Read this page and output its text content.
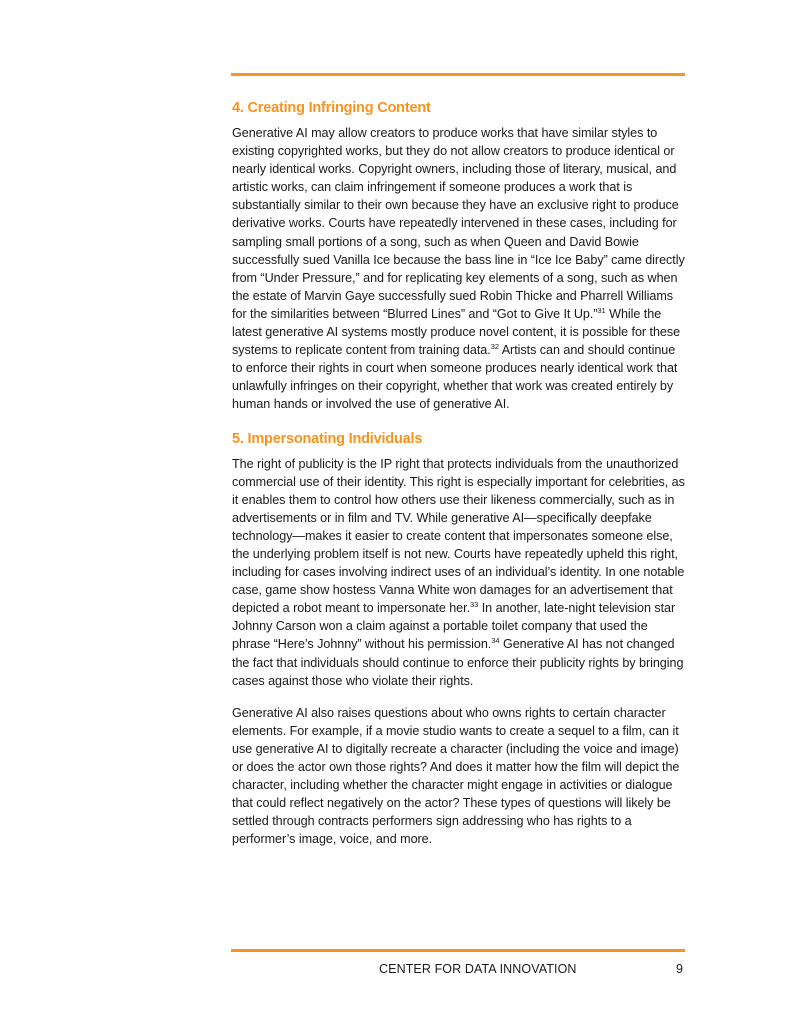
4. Creating Infringing Content

Generative AI may allow creators to produce works that have similar styles to existing copyrighted works, but they do not allow creators to produce identical or nearly identical works. Copyright owners, including those of literary, musical, and artistic works, can claim infringement if someone produces a work that is substantially similar to their own because they have an exclusive right to produce derivative works. Courts have repeatedly intervened in these cases, including for sampling small portions of a song, such as when Queen and David Bowie successfully sued Vanilla Ice because the bass line in “Ice Ice Baby” came directly from “Under Pressure,” and for replicating key elements of a song, such as when the estate of Marvin Gaye successfully sued Robin Thicke and Pharrell Williams for the similarities between “Blurred Lines” and “Got to Give It Up.”$^{31}$ While the latest generative AI systems mostly produce novel content, it is possible for these systems to replicate content from training data.$^{32}$ Artists can and should continue to enforce their rights in court when someone produces nearly identical work that unlawfully infringes on their copyright, whether that work was created entirely by human hands or involved the use of generative AI.

5. Impersonating Individuals

The right of publicity is the IP right that protects individuals from the unauthorized commercial use of their identity. This right is especially important for celebrities, as it enables them to control how others use their likeness commercially, such as in advertisements or in film and TV. While generative AI—specifically deepfake technology—makes it easier to create content that impersonates someone else, the underlying problem itself is not new. Courts have repeatedly upheld this right, including for cases involving indirect uses of an individual’s identity. In one notable case, game show hostess Vanna White won damages for an advertisement that depicted a robot meant to impersonate her.$^{33}$ In another, late-night television star Johnny Carson won a claim against a portable toilet company that used the phrase “Here’s Johnny” without his permission.$^{34}$ Generative AI has not changed the fact that individuals should continue to enforce their publicity rights by bringing cases against those who violate their rights.

Generative AI also raises questions about who owns rights to certain character elements. For example, if a movie studio wants to create a sequel to a film, can it use generative AI to digitally recreate a character (including the voice and image) or does the actor own those rights? And does it matter how the film will depict the character, including whether the character might engage in activities or dialogue that could reflect negatively on the actor? These types of questions will likely be settled through contracts performers sign addressing who has rights to a performer’s image, voice, and more.

CENTER FOR DATA INNOVATION	9
